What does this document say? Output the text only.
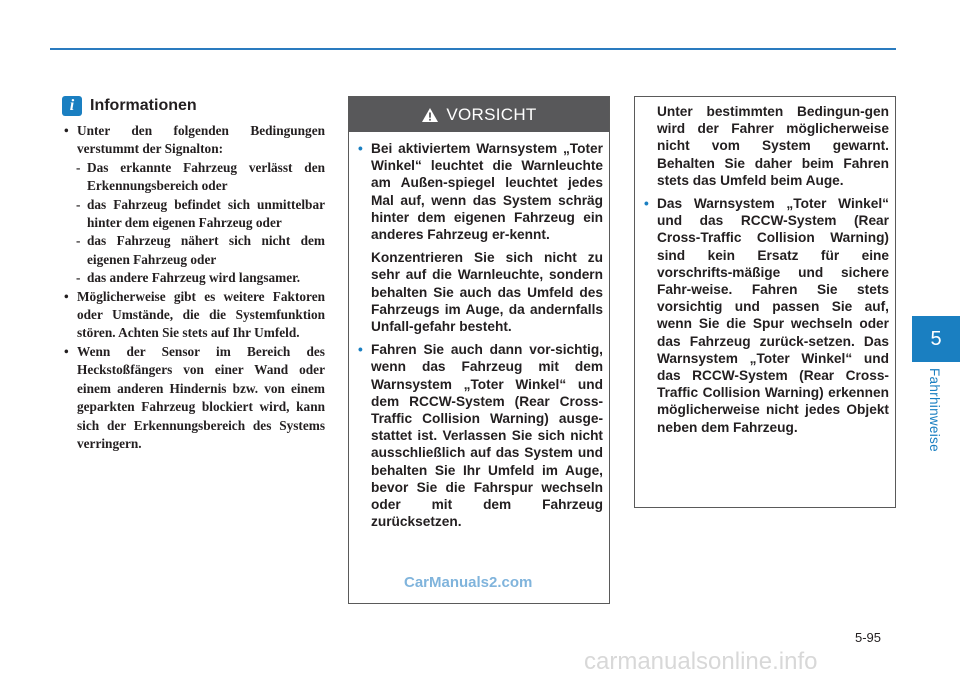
5
Fahrhinweise
i Informationen
• Unter den folgenden Bedingungen verstummt der Signalton:
- Das erkannte Fahrzeug verlässt den Erkennungsbereich oder
- das Fahrzeug befindet sich unmittelbar hinter dem eigenen Fahrzeug oder
- das Fahrzeug nähert sich nicht dem eigenen Fahrzeug oder
- das andere Fahrzeug wird langsamer.
• Möglicherweise gibt es weitere Faktoren oder Umstände, die die Systemfunktion stören. Achten Sie stets auf Ihr Umfeld.
• Wenn der Sensor im Bereich des Heckstoßfängers von einer Wand oder einem anderen Hindernis bzw. von einem geparkten Fahrzeug blockiert wird, kann sich der Erkennungsbereich des Systems verringern.
VORSICHT
• Bei aktiviertem Warnsystem „Toter Winkel“ leuchtet die Warnleuchte am Außen-spiegel leuchtet jedes Mal auf, wenn das System schräg hinter dem eigenen Fahrzeug ein anderes Fahrzeug er-kennt.
Konzentrieren Sie sich nicht zu sehr auf die Warnleuchte, sondern behalten Sie auch das Umfeld des Fahrzeugs im Auge, da andernfalls Unfall-gefahr besteht.
• Fahren Sie auch dann vor-sichtig, wenn das Fahrzeug mit dem Warnsystem „Toter Winkel“ und dem RCCW-System (Rear Cross-Traffic Collision Warning) ausge-stattet ist. Verlassen Sie sich nicht ausschließlich auf das System und behalten Sie Ihr Umfeld im Auge, bevor Sie die Fahrspur wechseln oder mit dem Fahrzeug zurücksetzen.
Unter bestimmten Bedingun-gen wird der Fahrer möglicherweise nicht vom System gewarnt. Behalten Sie daher beim Fahren stets das Umfeld beim Auge.
• Das Warnsystem „Toter Winkel“ und das RCCW-System (Rear Cross-Traffic Collision Warning) sind kein Ersatz für eine vorschrifts-mäßige und sichere Fahr-weise. Fahren Sie stets vorsichtig und passen Sie auf, wenn Sie die Spur wechseln oder das Fahrzeug zurück-setzen. Das Warnsystem „Toter Winkel“ und das RCCW-System (Rear Cross-Traffic Collision Warning) erkennen möglicherweise nicht jedes Objekt neben dem Fahrzeug.
CarManuals2.com
5-95
carmanualsonline.info
